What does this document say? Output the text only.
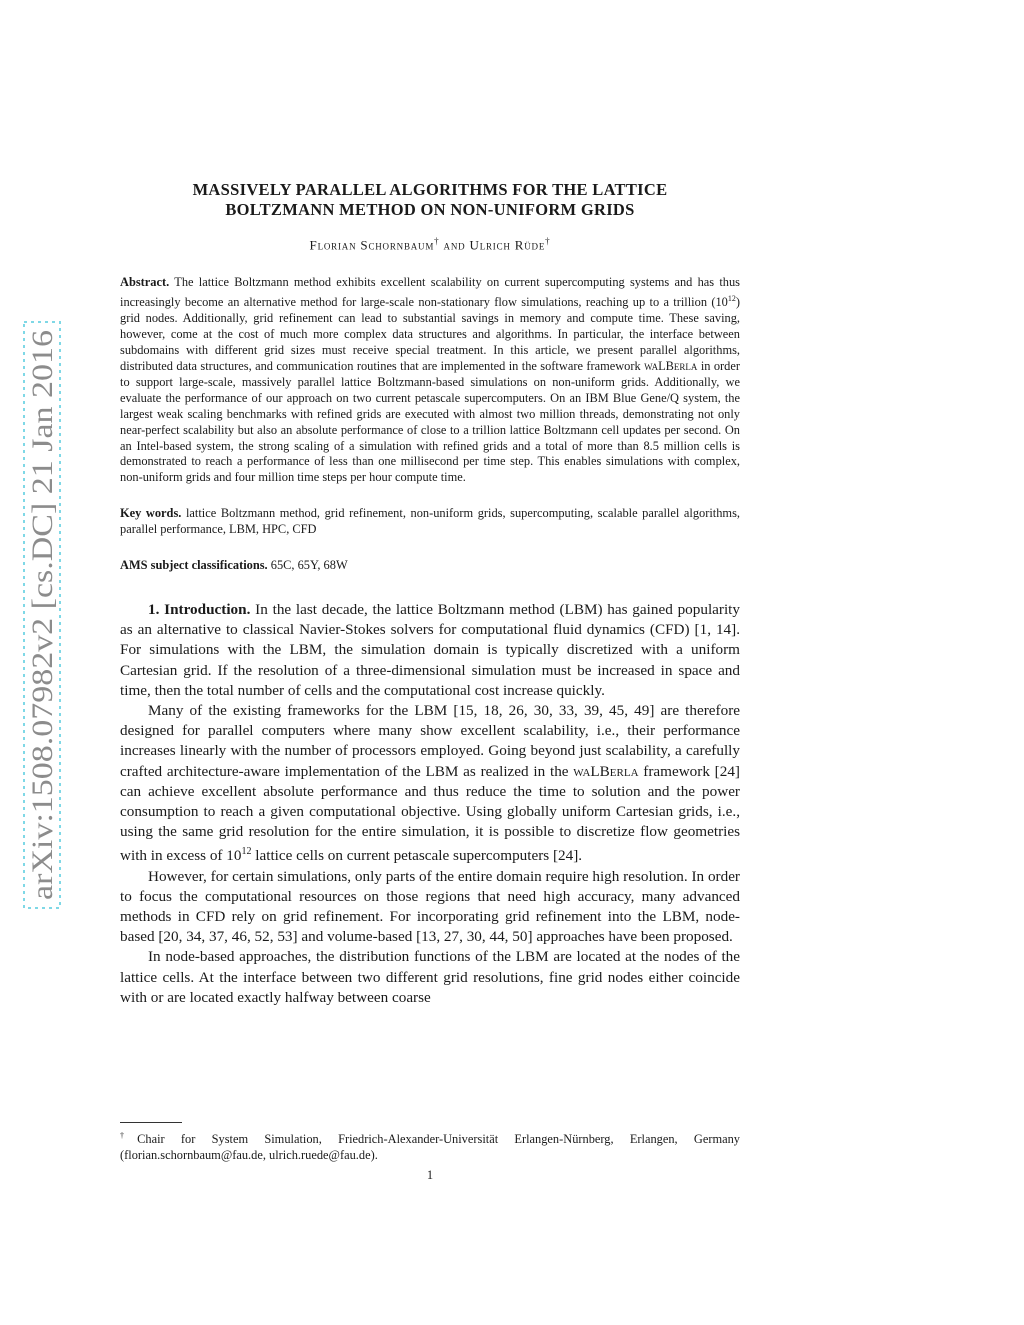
arXiv:1508.07982v2 [cs.DC] 21 Jan 2016
MASSIVELY PARALLEL ALGORITHMS FOR THE LATTICE
BOLTZMANN METHOD ON NON-UNIFORM GRIDS
Florian Schornbaum† and Ulrich Rüde†
Abstract. The lattice Boltzmann method exhibits excellent scalability on current supercomputing systems and has thus increasingly become an alternative method for large-scale non-stationary flow simulations, reaching up to a trillion $(10^{12})$ grid nodes. Additionally, grid refinement can lead to substantial savings in memory and compute time. These saving, however, come at the cost of much more complex data structures and algorithms. In particular, the interface between subdomains with different grid sizes must receive special treatment. In this article, we present parallel algorithms, distributed data structures, and communication routines that are implemented in the software framework waLBerla in order to support large-scale, massively parallel lattice Boltzmann-based simulations on non-uniform grids. Additionally, we evaluate the performance of our approach on two current petascale supercomputers. On an IBM Blue Gene/Q system, the largest weak scaling benchmarks with refined grids are executed with almost two million threads, demonstrating not only near-perfect scalability but also an absolute performance of close to a trillion lattice Boltzmann cell updates per second. On an Intel-based system, the strong scaling of a simulation with refined grids and a total of more than 8.5 million cells is demonstrated to reach a performance of less than one millisecond per time step. This enables simulations with complex, non-uniform grids and four million time steps per hour compute time.
Key words. lattice Boltzmann method, grid refinement, non-uniform grids, supercomputing, scalable parallel algorithms, parallel performance, LBM, HPC, CFD
AMS subject classifications. 65C, 65Y, 68W

1. Introduction. In the last decade, the lattice Boltzmann method (LBM) has gained popularity as an alternative to classical Navier-Stokes solvers for computational fluid dynamics (CFD) [1, 14]. For simulations with the LBM, the simulation domain is typically discretized with a uniform Cartesian grid. If the resolution of a three-dimensional simulation must be increased in space and time, then the total number of cells and the computational cost increase quickly.

Many of the existing frameworks for the LBM [15, 18, 26, 30, 33, 39, 45, 49] are therefore designed for parallel computers where many show excellent scalability, i.e., their performance increases linearly with the number of processors employed. Going beyond just scalability, a carefully crafted architecture-aware implementation of the LBM as realized in the waLBerla framework [24] can achieve excellent absolute performance and thus reduce the time to solution and the power consumption to reach a given computational objective. Using globally uniform Cartesian grids, i.e., using the same grid resolution for the entire simulation, it is possible to discretize flow geometries with in excess of $10^{12}$ lattice cells on current petascale supercomputers [24].

However, for certain simulations, only parts of the entire domain require high resolution. In order to focus the computational resources on those regions that need high accuracy, many advanced methods in CFD rely on grid refinement. For incorporating grid refinement into the LBM, node-based [20, 34, 37, 46, 52, 53] and volume-based [13, 27, 30, 44, 50] approaches have been proposed.

In node-based approaches, the distribution functions of the LBM are located at the nodes of the lattice cells. At the interface between two different grid resolutions, fine grid nodes either coincide with or are located exactly halfway between coarse

†Chair for System Simulation, Friedrich-Alexander-Universität Erlangen-Nürnberg, Erlangen, Germany (florian.schornbaum@fau.de, ulrich.ruede@fau.de).
1
